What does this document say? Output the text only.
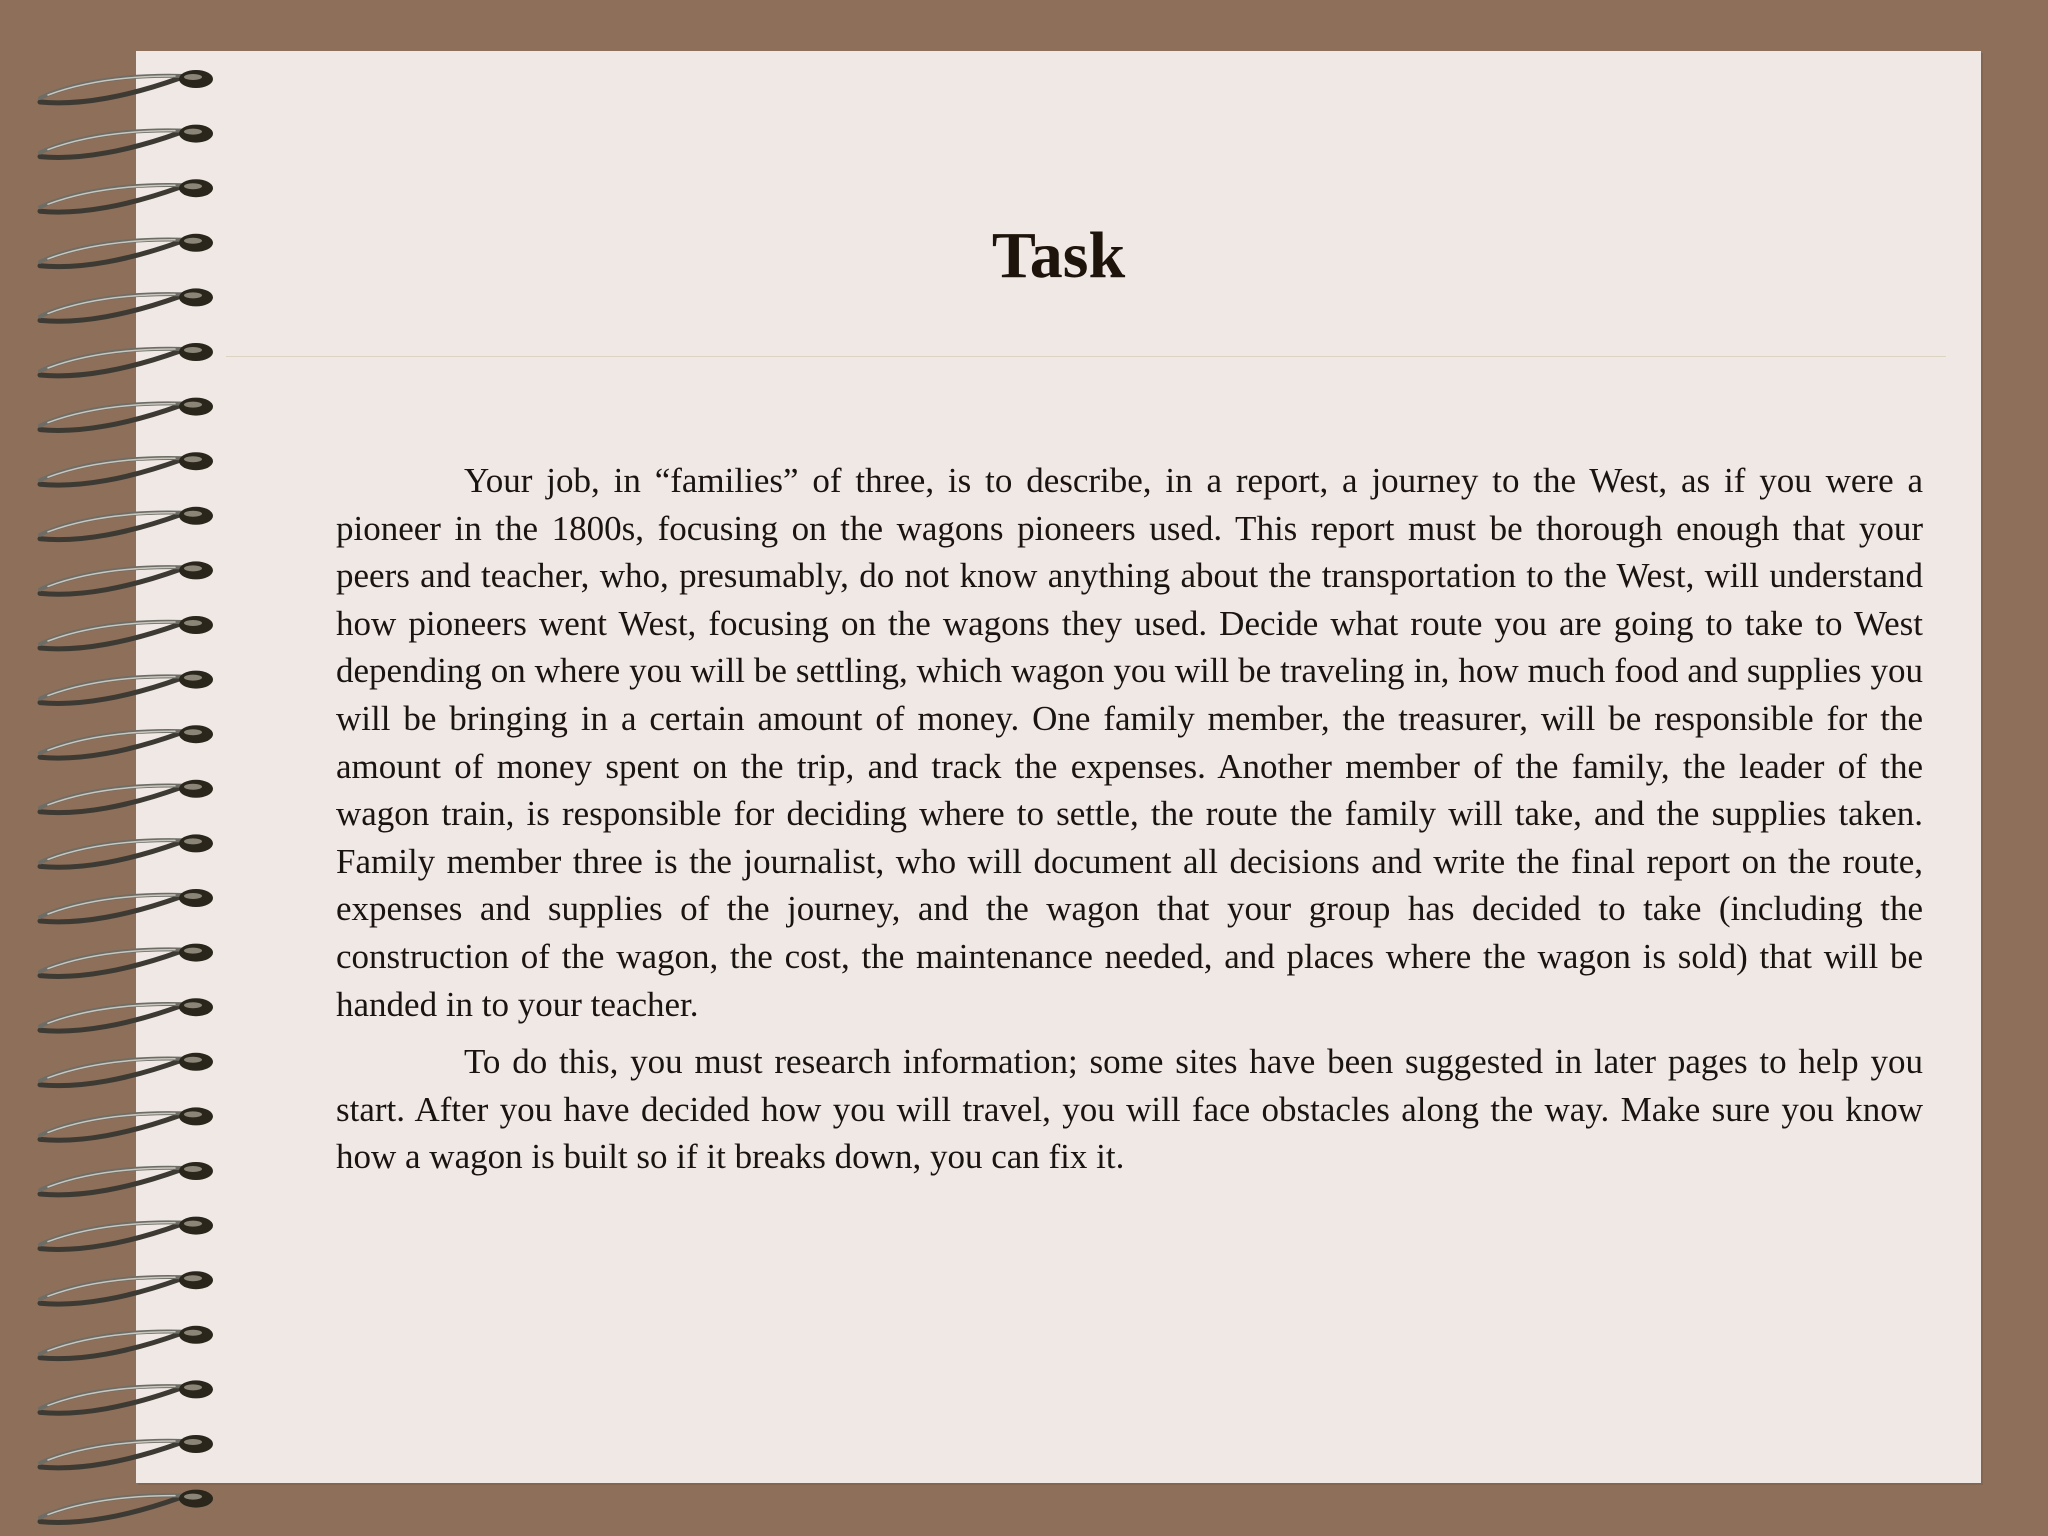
Task

Your job, in “families” of three, is to describe, in a report, a journey to the West, as if you were a pioneer in the 1800s, focusing on the wagons pioneers used. This report must be thorough enough that your peers and teacher, who, presumably, do not know anything about the transportation to the West, will understand how pioneers went West, focusing on the wagons they used. Decide what route you are going to take to West depending on where you will be settling, which wagon you will be traveling in, how much food and supplies you will be bringing in a certain amount of money. One family member, the treasurer, will be responsible for the amount of money spent on the trip, and track the expenses. Another member of the family, the leader of the wagon train, is responsible for deciding where to settle, the route the family will take, and the supplies taken. Family member three is the journalist, who will document all decisions and write the final report on the route, expenses and supplies of the journey, and the wagon that your group has decided to take (including the construction of the wagon, the cost, the maintenance needed, and places where the wagon is sold) that will be handed in to your teacher.

To do this, you must research information; some sites have been suggested in later pages to help you start. After you have decided how you will travel, you will face obstacles along the way. Make sure you know how a wagon is built so if it breaks down, you can fix it.
